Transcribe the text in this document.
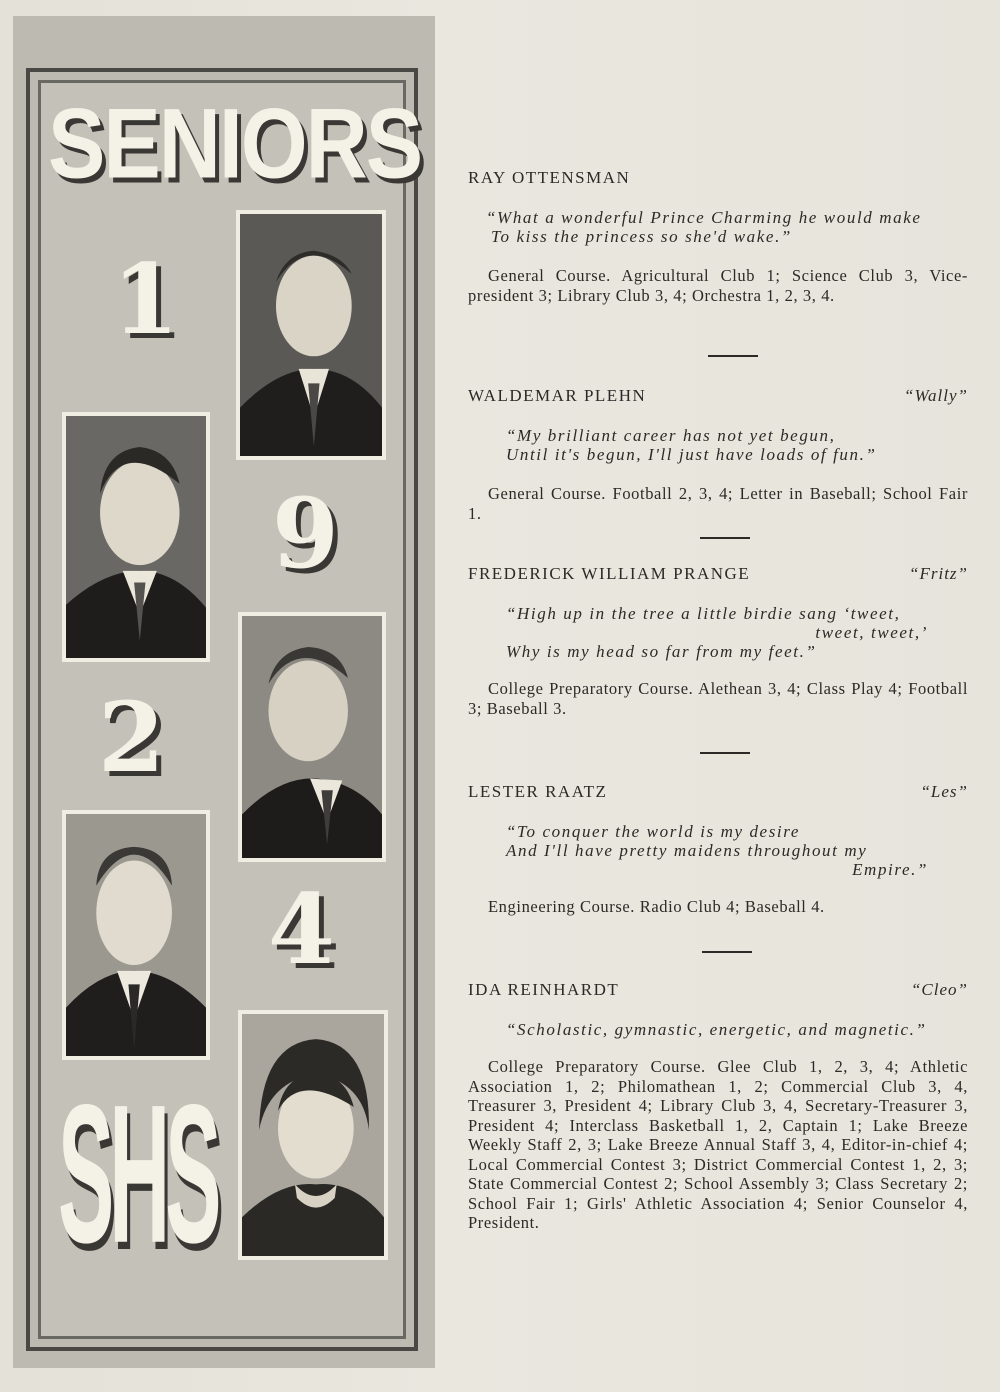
SENIORS
1
9
2
4
SHS
RAY OTTENSMAN

“What a wonderful Prince Charming he would make
To kiss the princess so she'd wake.”

General Course. Agricultural Club 1; Science Club 3, Vice-president 3; Library Club 3, 4; Orchestra 1, 2, 3, 4.

WALDEMAR PLEHN	“Wally”

“My brilliant career has not yet begun,
Until it's begun, I'll just have loads of fun.”

General Course. Football 2, 3, 4; Letter in Baseball; School Fair 1.

FREDERICK WILLIAM PRANGE	“Fritz”

“High up in the tree a little birdie sang ‘tweet,
tweet, tweet,’
Why is my head so far from my feet.”

College Preparatory Course. Alethean 3, 4; Class Play 4; Football 3; Baseball 3.

LESTER RAATZ	“Les”

“To conquer the world is my desire
And I'll have pretty maidens throughout my
Empire.”

Engineering Course. Radio Club 4; Baseball 4.

IDA REINHARDT	“Cleo”

“Scholastic, gymnastic, energetic, and magnetic.”

College Preparatory Course. Glee Club 1, 2, 3, 4; Athletic Association 1, 2; Philomathean 1, 2; Commercial Club 3, 4, Treasurer 3, President 4; Library Club 3, 4, Secretary-Treasurer 3, President 4; Interclass Basketball 1, 2, Captain 1; Lake Breeze Weekly Staff 2, 3; Lake Breeze Annual Staff 3, 4, Editor-in-chief 4; Local Commercial Contest 3; District Commercial Contest 1, 2, 3; State Commercial Contest 2; School Assembly 3; Class Secretary 2; School Fair 1; Girls' Athletic Association 4; Senior Counselor 4, President.
